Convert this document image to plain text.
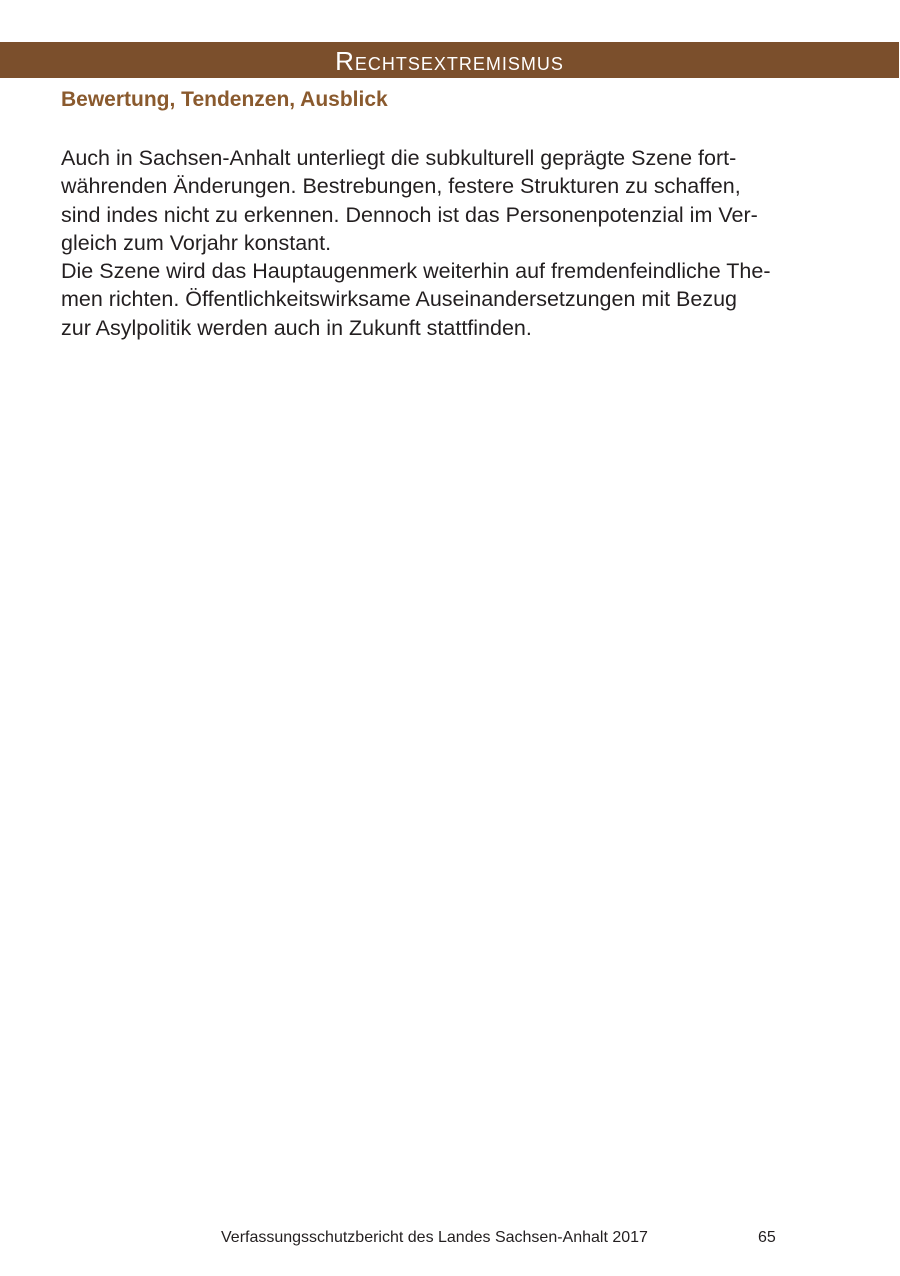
Rechtsextremismus
Bewertung, Tendenzen, Ausblick
Auch in Sachsen-Anhalt unterliegt die subkulturell geprägte Szene fort-
währenden Änderungen. Bestrebungen, festere Strukturen zu schaffen,
sind indes nicht zu erkennen. Dennoch ist das Personenpotenzial im Ver-
gleich zum Vorjahr konstant.
Die Szene wird das Hauptaugenmerk weiterhin auf fremdenfeindliche The-
men richten. Öffentlichkeitswirksame Auseinandersetzungen mit Bezug
zur Asylpolitik werden auch in Zukunft stattfinden.
Verfassungsschutzbericht des Landes Sachsen-Anhalt 2017	65
